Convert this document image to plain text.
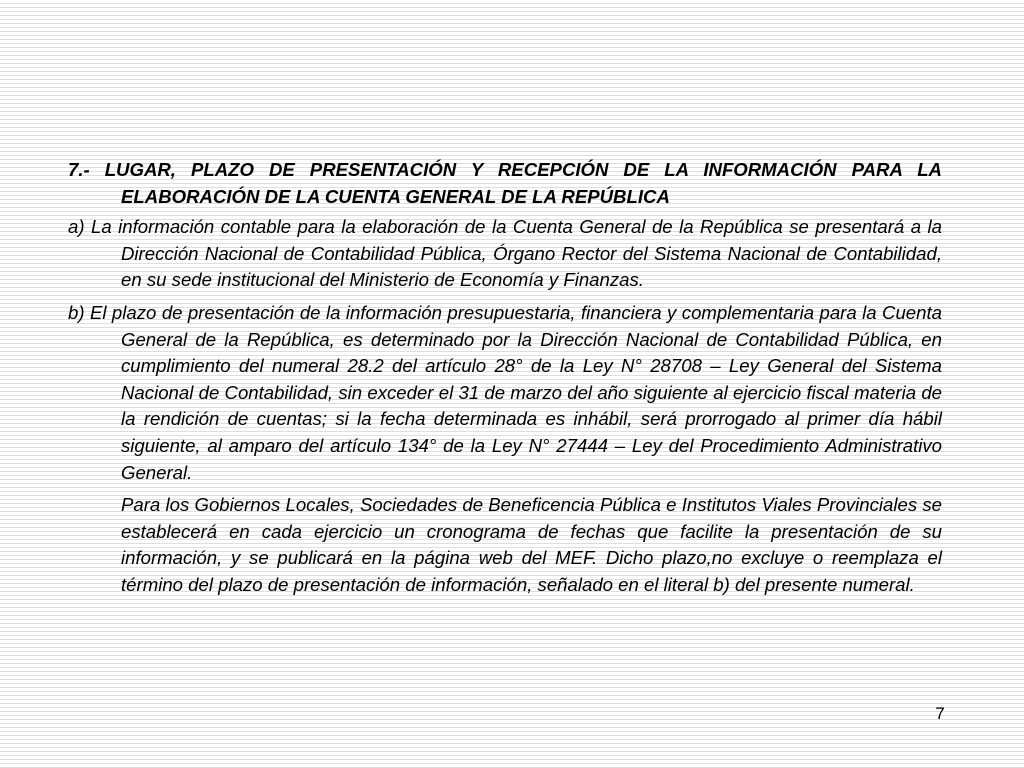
7.- LUGAR, PLAZO DE PRESENTACIÓN Y RECEPCIÓN DE LA INFORMACIÓN PARA LA ELABORACIÓN DE LA CUENTA GENERAL DE LA REPÚBLICA

a) La información contable para la elaboración de la Cuenta General de la República se presentará a la Dirección Nacional de Contabilidad Pública, Órgano Rector del Sistema Nacional de Contabilidad, en su sede institucional del Ministerio de Economía y Finanzas.

b) El plazo de presentación de la información presupuestaria, financiera y complementaria para la Cuenta General de la República, es determinado por la Dirección Nacional de Contabilidad Pública, en cumplimiento del numeral 28.2 del artículo 28° de la Ley N° 28708 – Ley General del Sistema Nacional de Contabilidad, sin exceder el 31 de marzo del año siguiente al ejercicio fiscal materia de la rendición de cuentas; si la fecha determinada es inhábil, será prorrogado al primer día hábil siguiente, al amparo del artículo 134° de la Ley N° 27444 – Ley del Procedimiento Administrativo General.

Para los Gobiernos Locales, Sociedades de Beneficencia Pública e Institutos Viales Provinciales se establecerá en cada ejercicio un cronograma de fechas que facilite la presentación de su información, y se publicará en la página web del MEF. Dicho plazo,no excluye o reemplaza el término del plazo de presentación de información, señalado en el literal b) del presente numeral.

7
